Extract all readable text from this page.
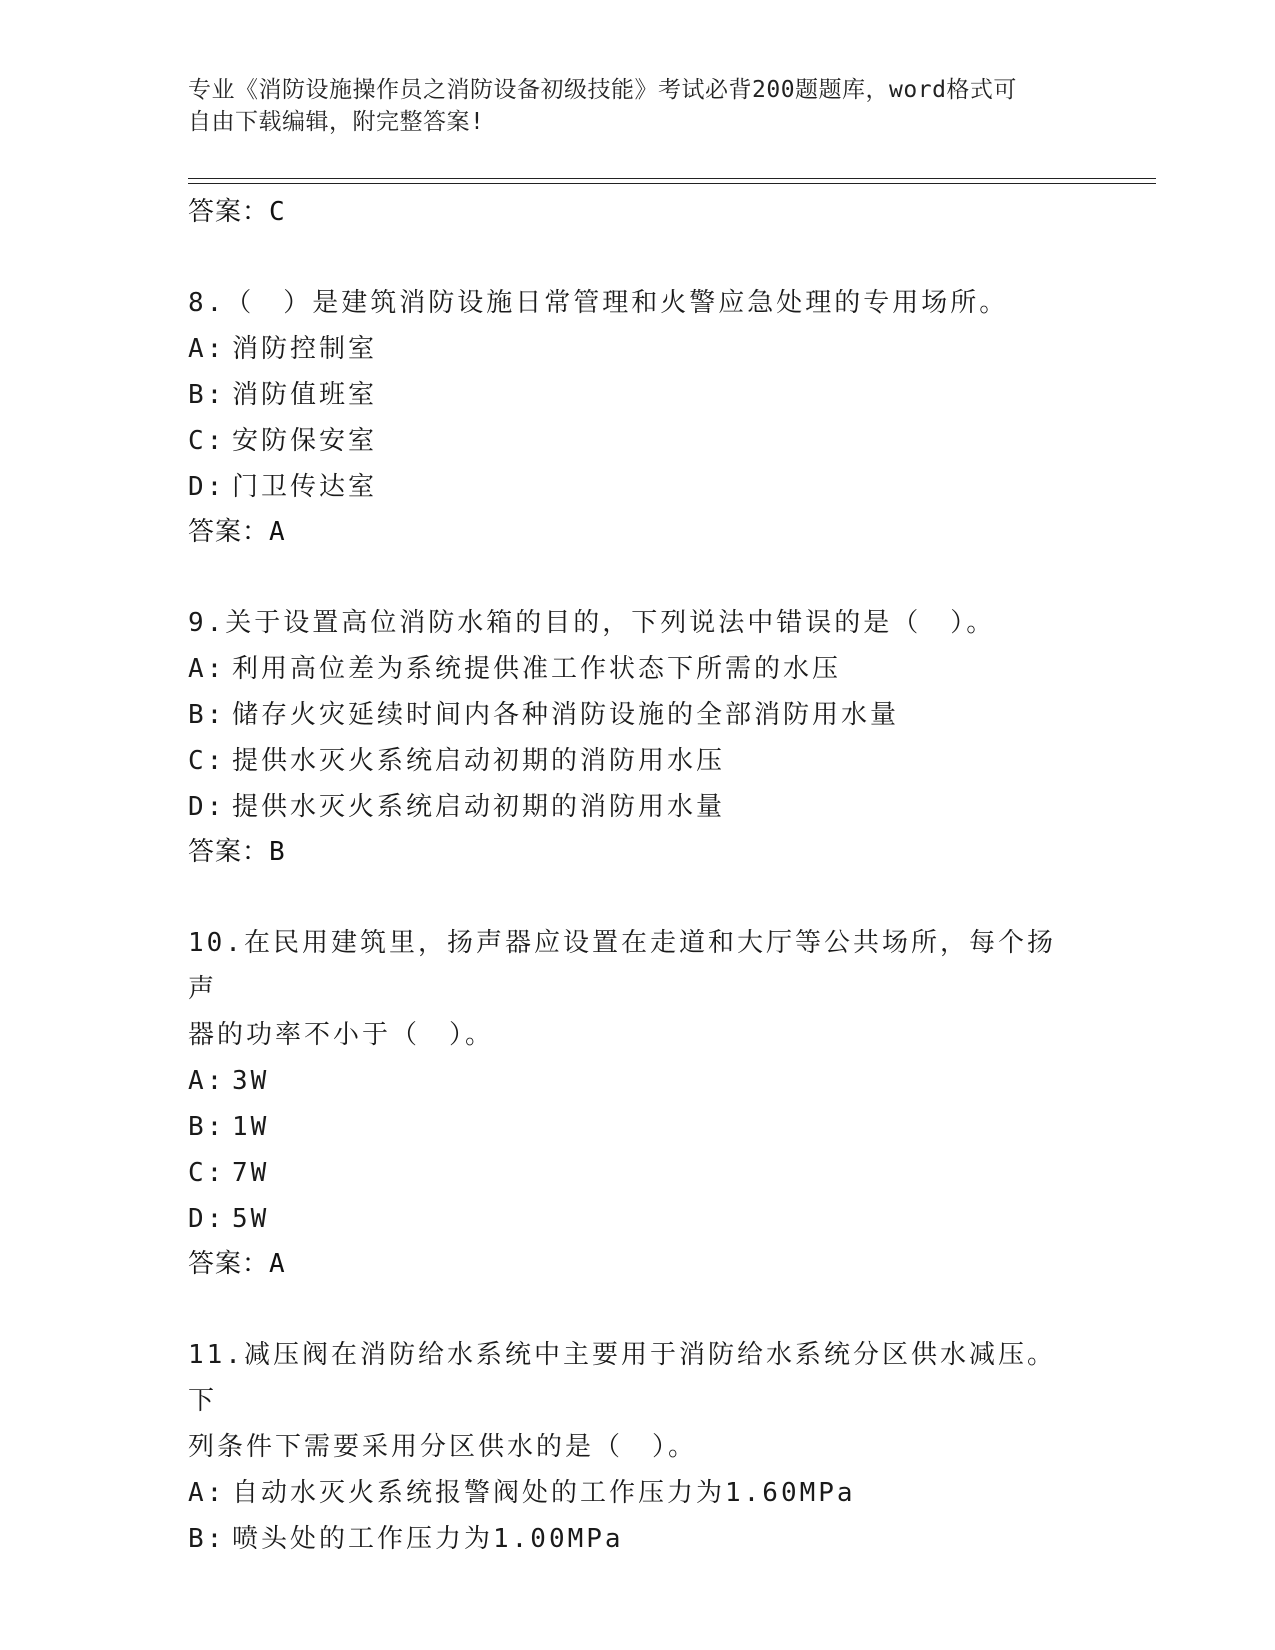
专业《消防设施操作员之消防设备初级技能》考试必背200题题库，word格式可
自由下载编辑，附完整答案!
答案：C
8.（　）是建筑消防设施日常管理和火警应急处理的专用场所。
A: 消防控制室
B: 消防值班室
C: 安防保安室
D: 门卫传达室
答案：A
9.关于设置高位消防水箱的目的，下列说法中错误的是（　）。
A: 利用高位差为系统提供准工作状态下所需的水压
B: 储存火灾延续时间内各种消防设施的全部消防用水量
C: 提供水灭火系统启动初期的消防用水压
D: 提供水灭火系统启动初期的消防用水量
答案：B
10.在民用建筑里，扬声器应设置在走道和大厅等公共场所，每个扬声
器的功率不小于（　）。
A: 3W
B: 1W
C: 7W
D: 5W
答案：A
11.减压阀在消防给水系统中主要用于消防给水系统分区供水减压。下
列条件下需要采用分区供水的是（　）。
A: 自动水灭火系统报警阀处的工作压力为1.60MPa
B: 喷头处的工作压力为1.00MPa
